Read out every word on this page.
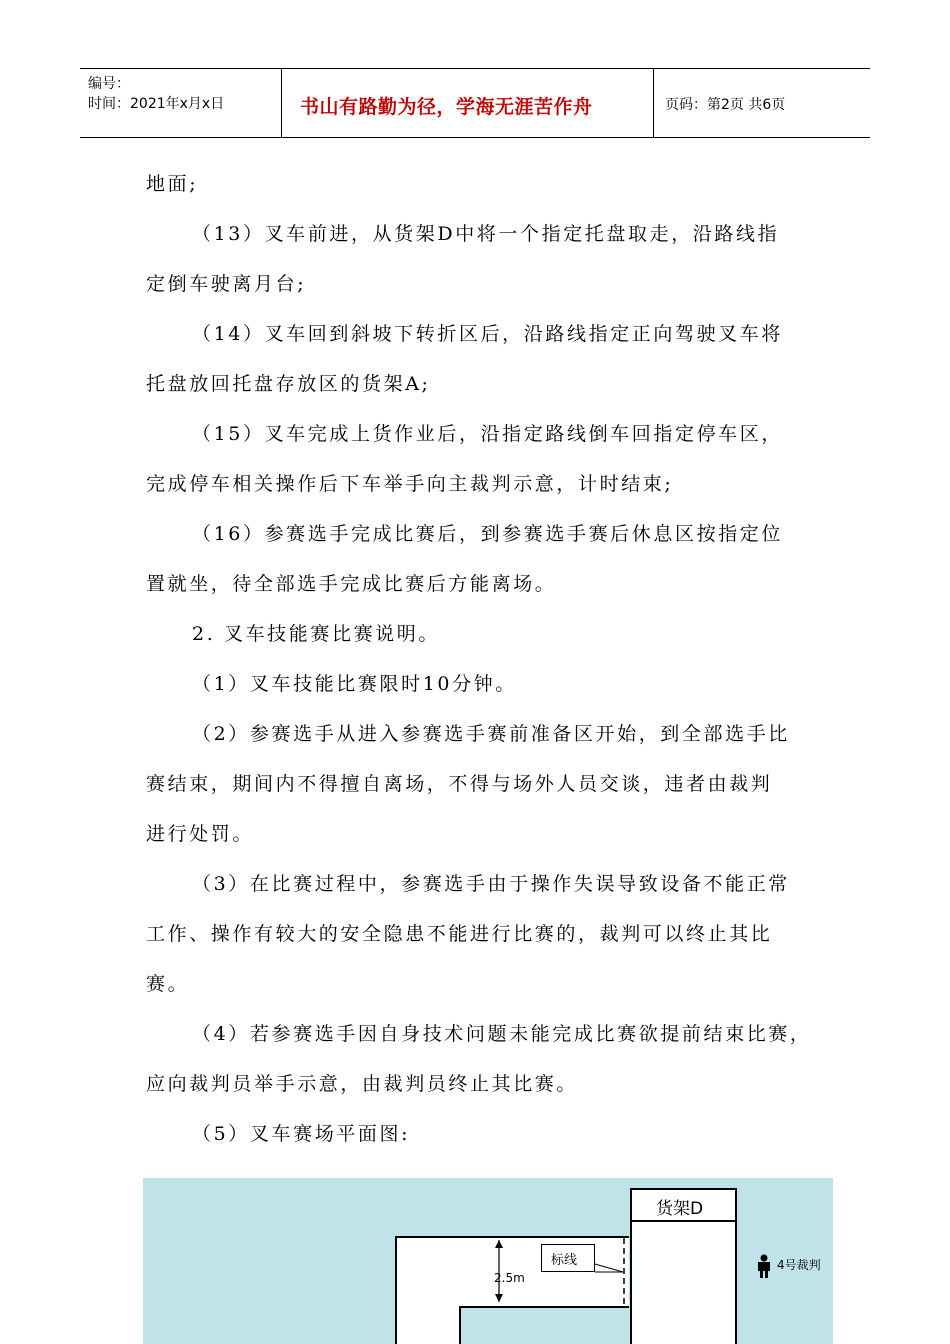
编号：
时间：2021年x月x日	书山有路勤为径，学海无涯苦作舟	页码：第2页 共6页
地面;
（13）叉车前进，从货架D中将一个指定托盘取走，沿路线指
定倒车驶离月台;
（14）叉车回到斜坡下转折区后，沿路线指定正向驾驶叉车将
托盘放回托盘存放区的货架A;
（15）叉车完成上货作业后，沿指定路线倒车回指定停车区，
完成停车相关操作后下车举手向主裁判示意，计时结束;
（16）参赛选手完成比赛后，到参赛选手赛后休息区按指定位
置就坐，待全部选手完成比赛后方能离场。
2. 叉车技能赛比赛说明。
（1）叉车技能比赛限时10分钟。
（2）参赛选手从进入参赛选手赛前准备区开始，到全部选手比
赛结束，期间内不得擅自离场，不得与场外人员交谈，违者由裁判
进行处罚。
（3）在比赛过程中，参赛选手由于操作失误导致设备不能正常
工作、操作有较大的安全隐患不能进行比赛的，裁判可以终止其比
赛。
（4）若参赛选手因自身技术问题未能完成比赛欲提前结束比赛，
应向裁判员举手示意，由裁判员终止其比赛。
（5）叉车赛场平面图:
货架D
2.5m
标线	4号裁判
